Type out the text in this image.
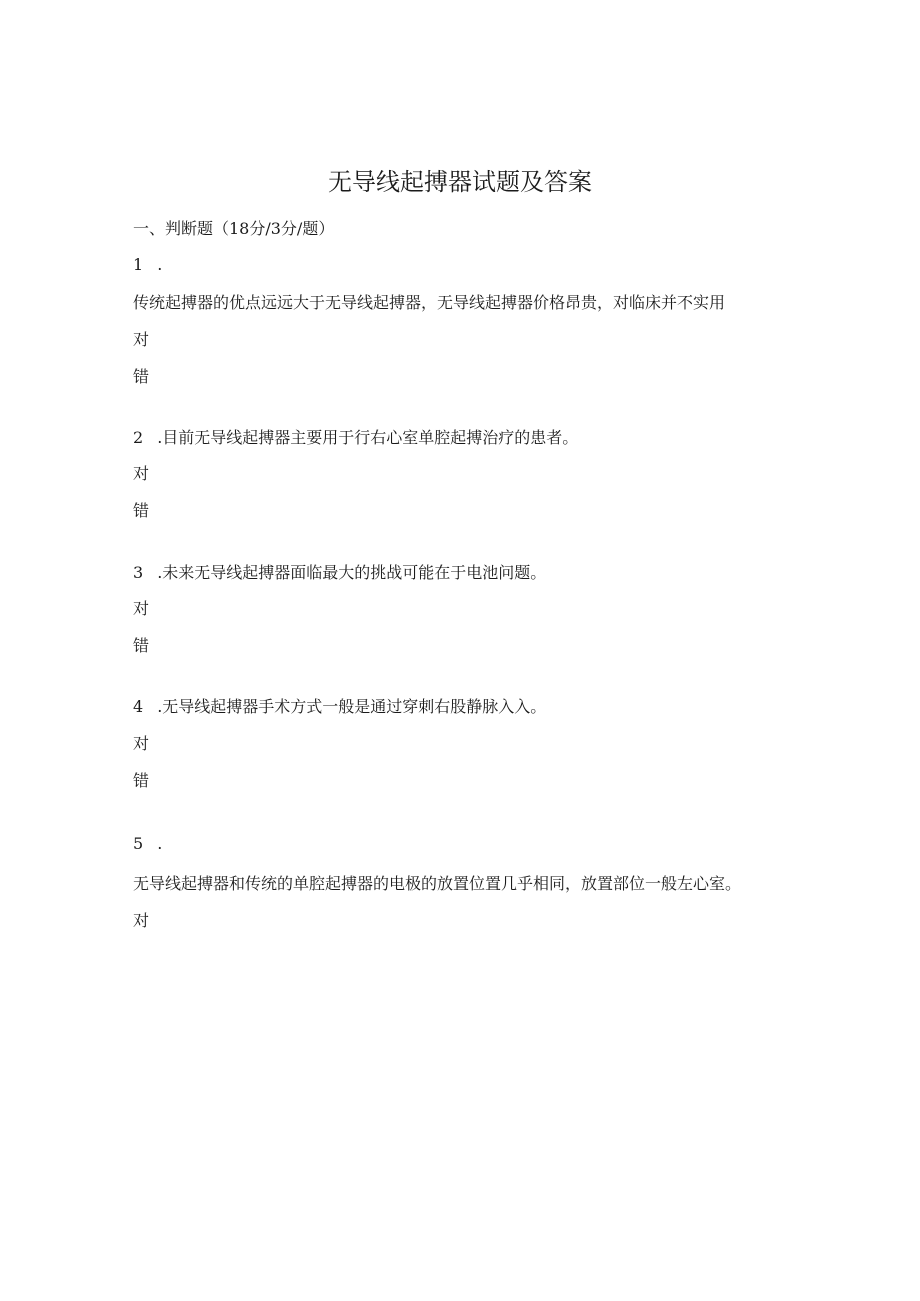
无导线起搏器试题及答案
一、判断题（18分/3分/题）
1 .
传统起搏器的优点远远大于无导线起搏器，无导线起搏器价格昂贵，对临床并不实用
对
错
2 .目前无导线起搏器主要用于行右心室单腔起搏治疗的患者。
对
错
3 .未来无导线起搏器面临最大的挑战可能在于电池问题。
对
错
4 .无导线起搏器手术方式一般是通过穿刺右股静脉入入。
对
错
5 .
无导线起搏器和传统的单腔起搏器的电极的放置位置几乎相同，放置部位一般左心室。
对
